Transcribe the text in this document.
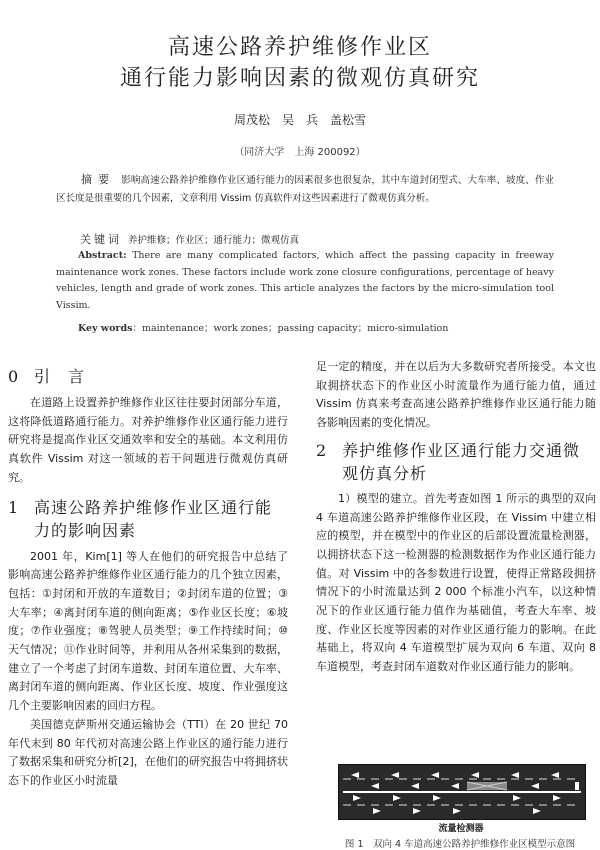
高速公路养护维修作业区
通行能力影响因素的微观仿真研究
周茂松　吴　兵　盖松雪
（同济大学　上海 200092）
摘要 影响高速公路养护维修作业区通行能力的因素很多也很复杂，其中车道封闭型式、大车率、坡度、作业区长度是很重要的几个因素，文章利用 Vissim 仿真软件对这些因素进行了微观仿真分析。
关键词 养护维修；作业区；通行能力；微观仿真
Abstract: There are many complicated factors, which affect the passing capacity in freeway maintenance work zones. These factors include work zone closure configurations, percentage of heavy vehicles, length and grade of work zones. This article analyzes the factors by the micro-simulation tool Vissim.
Key words：maintenance；work zones；passing capacity；micro-simulation
0 引　言

在道路上设置养护维修作业区往往要封闭部分车道，这将降低道路通行能力。对养护维修作业区通行能力进行研究将是提高作业区交通效率和安全的基础。本文利用仿真软件 Vissim 对这一领域的若干问题进行微观仿真研究。

1 高速公路养护维修作业区通行能力的影响因素

2001 年，Kim[1] 等人在他们的研究报告中总结了影响高速公路养护维修作业区通行能力的几个独立因素，包括：①封闭和开放的车道数目；②封闭车道的位置；③大车率；④离封闭车道的侧向距离；⑤作业区长度；⑥坡度；⑦作业强度；⑧驾驶人员类型；⑨工作持续时间；⑩天气情况；⑪作业时间等，并利用从各州采集到的数据，建立了一个考虑了封闭车道数、封闭车道位置、大车率、离封闭车道的侧向距离、作业区长度、坡度、作业强度这几个主要影响因素的回归方程。

美国德克萨斯州交通运输协会（TTI）在 20 世纪 70 年代末到 80 年代初对高速公路上作业区的通行能力进行了数据采集和研究分析[2]，在他们的研究报告中将拥挤状态下的作业区小时流量

足一定的精度，并在以后为大多数研究者所接受。本文也取拥挤状态下的作业区小时流量作为通行能力值，通过 Vissim 仿真来考查高速公路养护维修作业区通行能力随各影响因素的变化情况。

2 养护维修作业区通行能力交通微观仿真分析

1）模型的建立。首先考查如图 1 所示的典型的双向 4 车道高速公路养护维修作业区段，在 Vissim 中建立相应的模型，并在模型中的作业区的后部设置流量检测器，以拥挤状态下这一检测器的检测数据作为作业区通行能力值。对 Vissim 中的各参数进行设置，使得正常路段拥挤情况下的小时流量达到 2 000 个标准小汽车，以这种情况下的作业区通行能力值作为基础值，考查大车率、坡度、作业区长度等因素的对作业区通行能力的影响。在此基础上，将双向 4 车道模型扩展为双向 6 车道、双向 8 车道模型，考查封闭车道数对作业区通行能力的影响。

流量检测器
图 1　双向 4 车道高速公路养护维修作业区模型示意图
